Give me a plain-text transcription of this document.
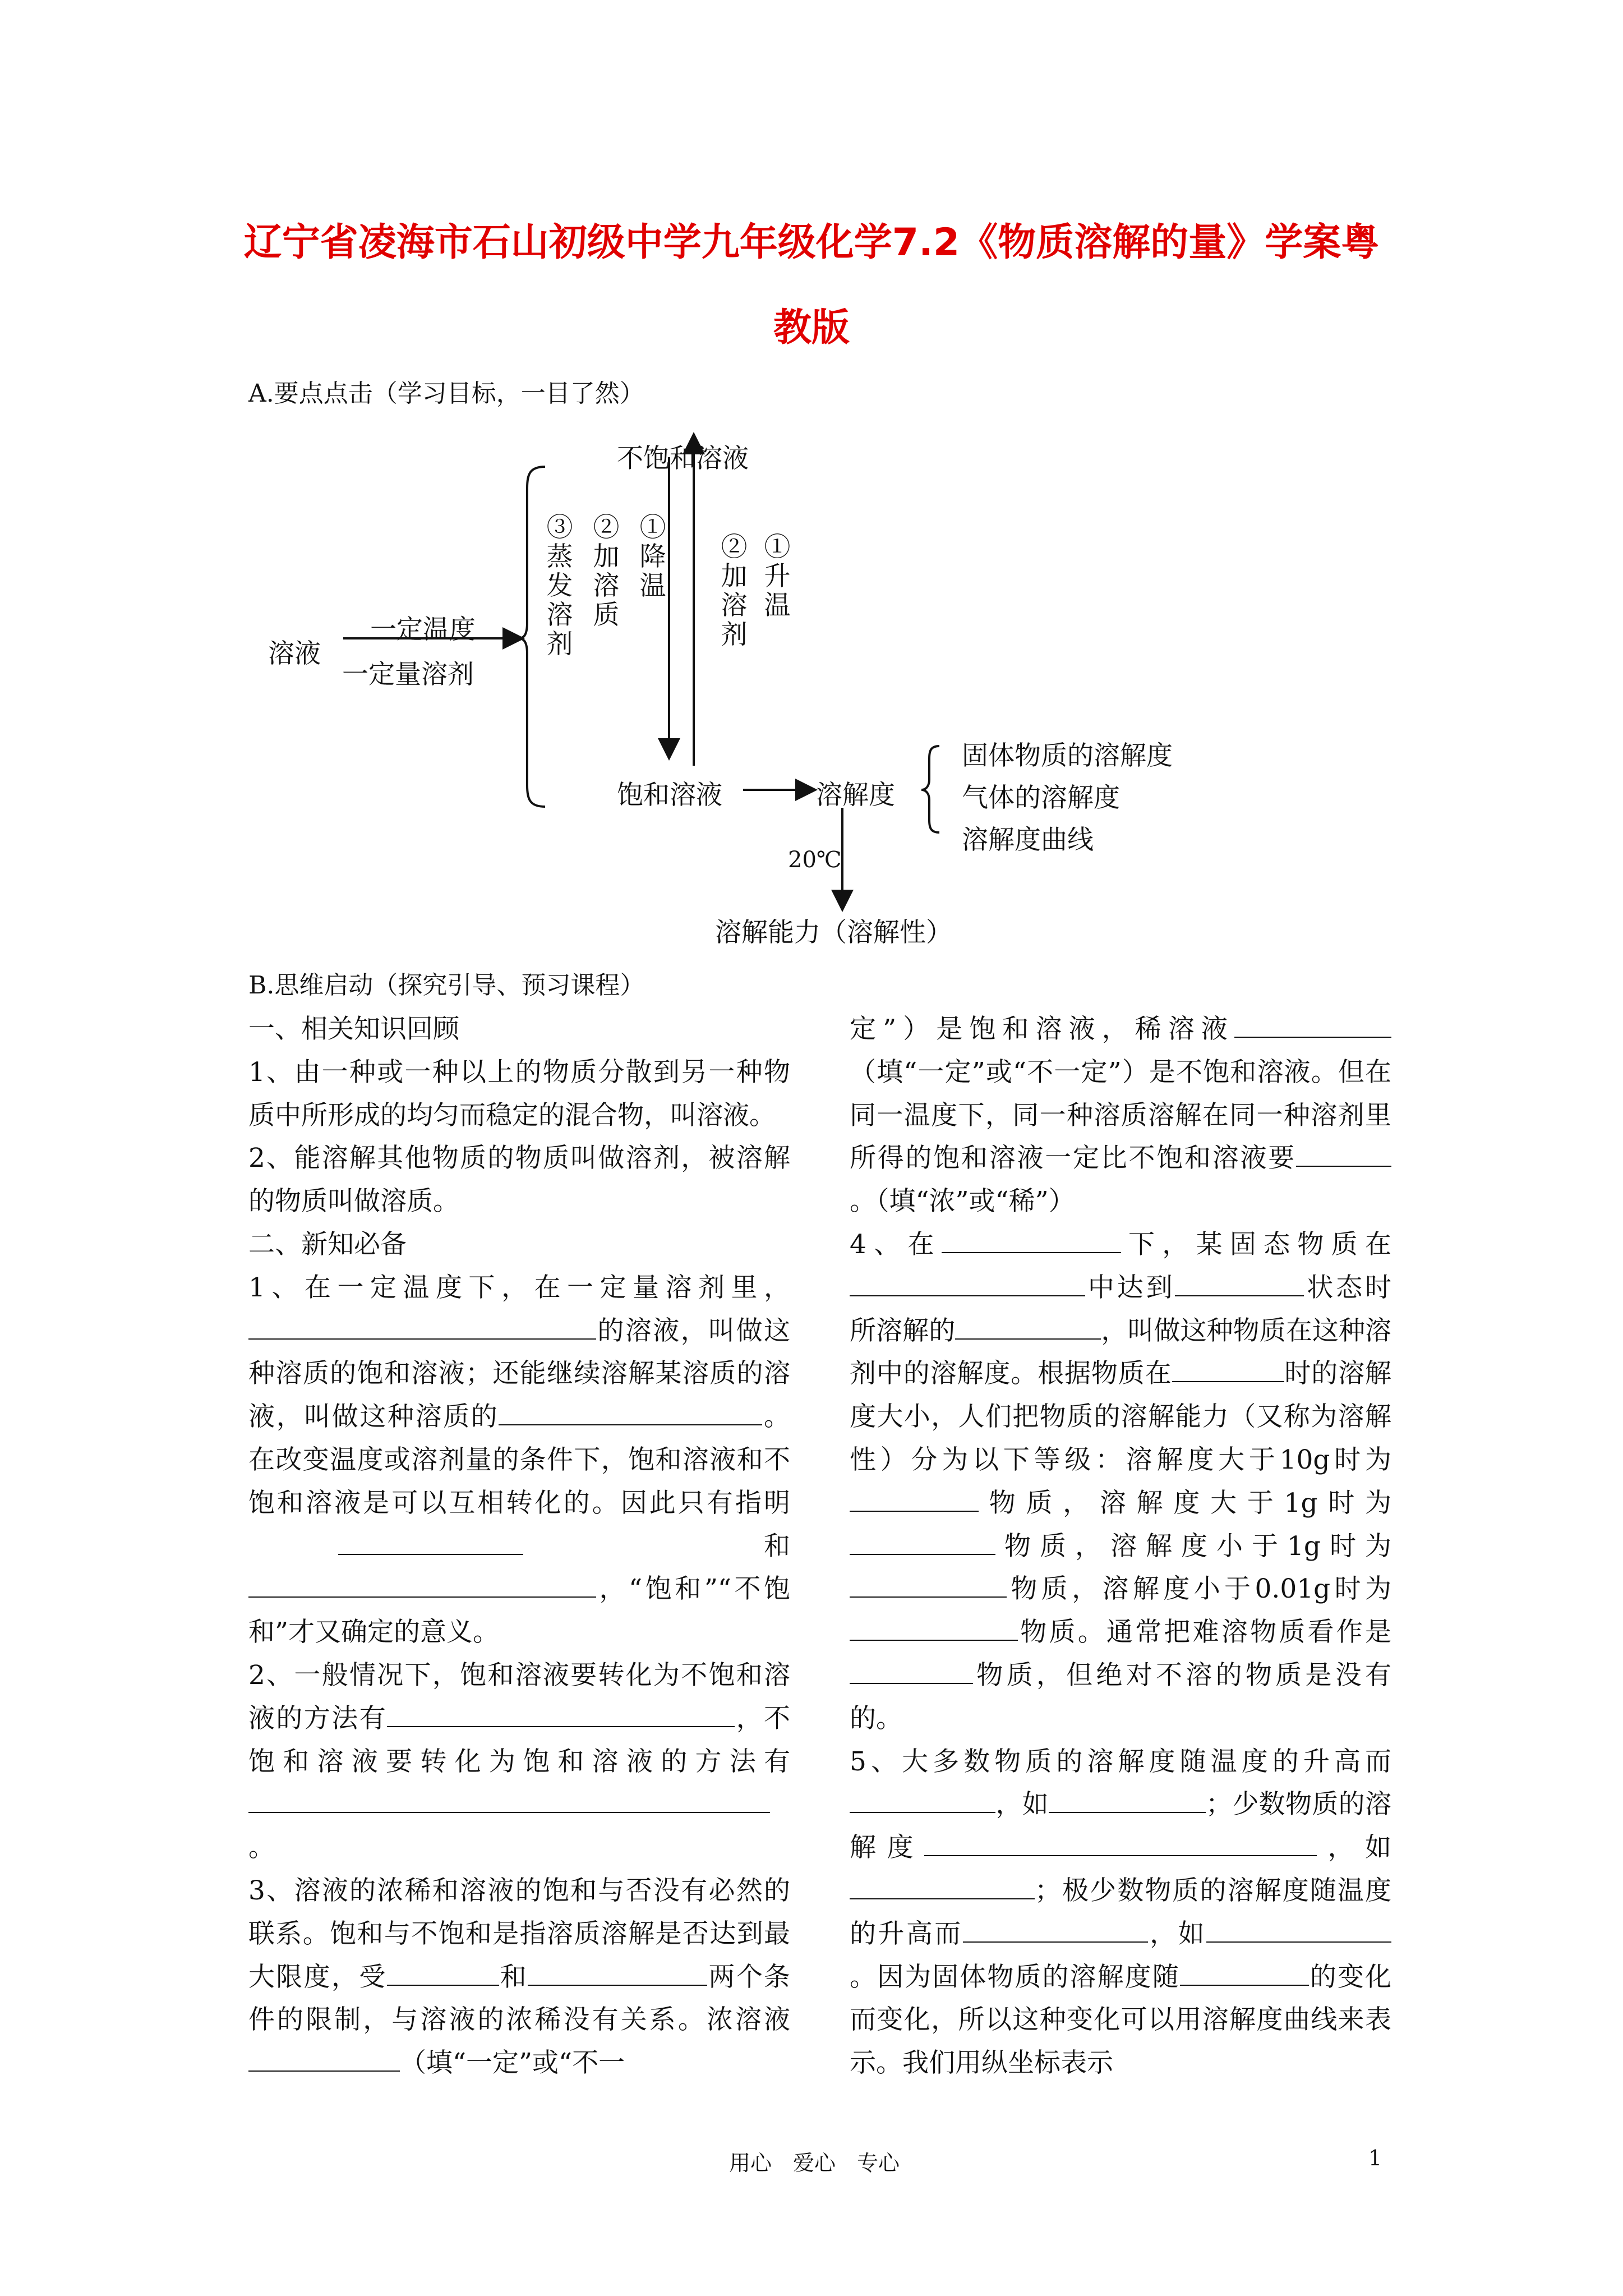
辽宁省凌海市石山初级中学九年级化学7.2《物质溶解的量》学案粤
教版
A.要点点击（学习目标，一目了然）
不饱和溶液
溶液
一定温度
一定量溶剂
③蒸发溶剂
②加溶质
①降温
②加溶剂
①升温
饱和溶液	溶解度
固体物质的溶解度
气体的溶解度
溶解度曲线
20℃
溶解能力（溶解性）
B.思维启动（探究引导、预习课程）

一、相关知识回顾

1、由一种或一种以上的物质分散到另一种物质中所形成的均匀而稳定的混合物，叫溶液。

2、能溶解其他物质的物质叫做溶剂，被溶解的物质叫做溶质。

二、新知必备

1、在一定温度下，在一定量溶剂里，的溶液，叫做这种溶质的饱和溶液；还能继续溶解某溶质的溶液，叫做这种溶质的	。在改变温度或溶剂量的条件下，饱和溶液和不饱和溶液是可以互相转化的。因此只有指明和，“饱和”“不饱和”才又确定的意义。

2、一般情况下，饱和溶液要转化为不饱和溶液的方法有	，不饱和溶液要转化为饱和溶液的方法有。

3、溶液的浓稀和溶液的饱和与否没有必然的联系。饱和与不饱和是指溶质溶解是否达到最大限度，受	和	两个条件的限制，与溶液的浓稀没有关系。浓溶液（填“一定”或“不一

定”）是饱和溶液，稀溶液（填“一定”或“不一定”）是不饱和溶液。但在同一温度下，同一种溶质溶解在同一种溶剂里所得的饱和溶液一定比不饱和溶液要。（填“浓”或“稀”）

4、在	下，某固态物质在中达到	状态时所溶解的	，叫做这种物质在这种溶剂中的溶解度。根据物质在	时的溶解度大小，人们把物质的溶解能力（又称为溶解性）分为以下等级：溶解度大于10g时为物质，溶解度大于1g时为物质，溶解度小于1g时为物质，溶解度小于0.01g时为物质。通常把难溶物质看作是物质，但绝对不溶的物质是没有的。

5、大多数物质的溶解度随温度的升高而，如	；少数物质的溶解度	，如；极少数物质的溶解度随温度的升高而	，如。因为固体物质的溶解度随	的变化而变化，所以这种变化可以用溶解度曲线来表示。我们用纵坐标表示

用心　爱心　专心	1
